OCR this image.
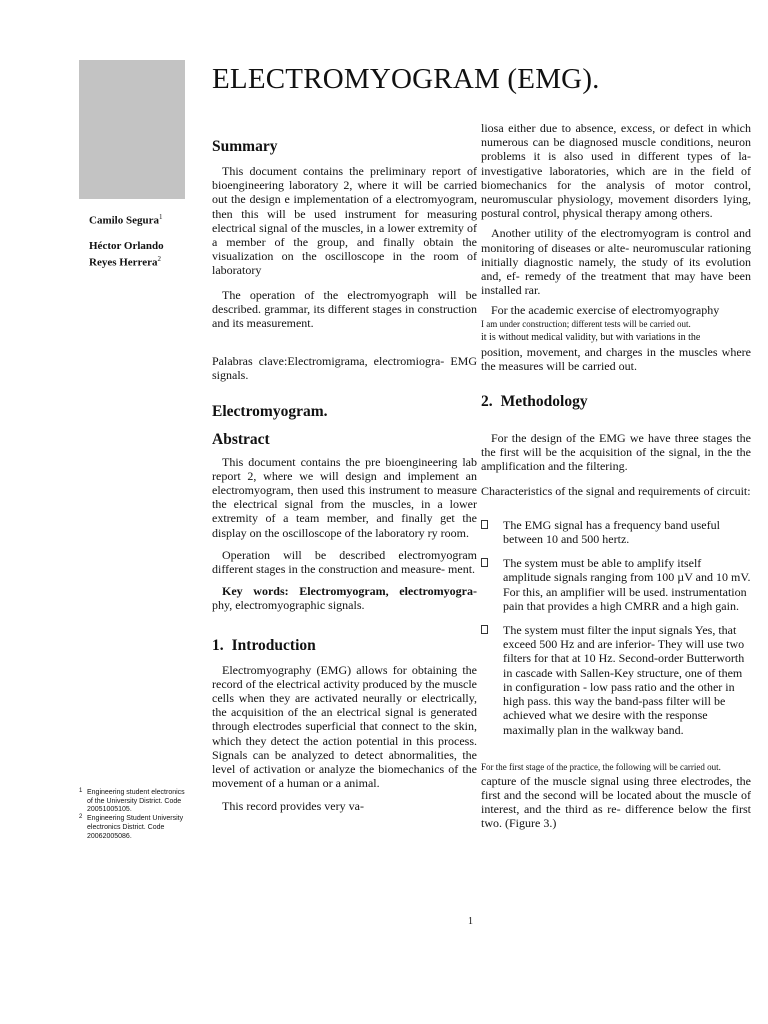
ELECTROMYOGRAM (EMG).
Camilo Segura$^1$
Héctor Orlando Reyes Herrera$^2$
1 Engineering student electronics of the University District. Code 20051005105.
2 Engineering Student University electronics District. Code 20062005086.
Summary

This document contains the preliminary report of bioengineering laboratory 2, where it will be carried out the design e implementation of a electromyogram, then this will be used instrument for measuring electrical signal of the muscles, in a lower extremity of a member of the group, and finally obtain the visualization on the oscilloscope in the room of laboratory

The operation of the electromyograph will be described. grammar, its different stages in construction and its measurement.

Palabras clave:Electromigrama, electromiogra- EMG signals.

Electromyogram.
Abstract

This document contains the pre bioengineering lab report 2, where we will design and implement an electromyogram, then used this instrument to measure the electrical signal from the muscles, in a lower extremity of a team member, and finally get the display on the oscilloscope of the laboratory ry room.

Operation will be described electromyogram different stages in the construction and measure- ment.

Key words: Electromyogram, electromyogra- phy, electromyographic signals.

1. Introduction

Electromyography (EMG) allows for obtaining the record of the electrical activity produced by the muscle cells when they are activated neurally or electrically, the acquisition of the an electrical signal is generated through electrodes superficial that connect to the skin, which they detect the action potential in this process. Signals can be analyzed to detect abnormalities, the level of activation or analyze the biomechanics of the movement of a human or a animal.

This record provides very va-

liosa either due to absence, excess, or defect in which numerous can be diagnosed muscle conditions, neuron problems it is also used in different types of la- investigative laboratories, which are in the field of biomechanics for the analysis of motor control, neuromuscular physiology, movement disorders lying, postural control, physical therapy among others.

Another utility of the electromyogram is control and monitoring of diseases or alte- neuromuscular rationing initially diagnostic namely, the study of its evolution and, ef- remedy of the treatment that may have been installed rar.

For the academic exercise of electromyography

I am under construction; different tests will be carried out.

it is without medical validity, but with variations in the

position, movement, and charges in the muscles where the measures will be carried out.

2. Methodology

For the design of the EMG we have three stages the the first will be the acquisition of the signal, in the the amplification and the filtering.

Characteristics of the signal and requirements of circuit:

The EMG signal has a frequency band useful between 10 and 500 hertz.
The system must be able to amplify itself amplitude signals ranging from 100 µV and 10 mV. For this, an amplifier will be used. instrumentation pain that provides a high CMRR and a high gain.
The system must filter the input signals Yes, that exceed 500 Hz and are inferior- They will use two filters for that at 10 Hz. Second-order Butterworth in cascade with Sallen-Key structure, one of them in configuration - low pass ratio and the other in high pass. this way the band-pass filter will be achieved what we desire with the response maximally plan in the walkway band.

For the first stage of the practice, the following will be carried out.

capture of the muscle signal using three electrodes, the first and the second will be located about the muscle of interest, and the third as re- difference below the first two. (Figure 3.)

1
